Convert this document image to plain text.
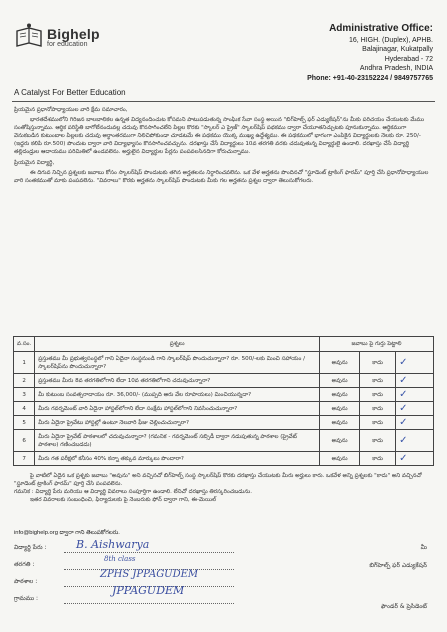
Bighelp
for education
Administrative Office:
16, HIGH. (Duplex), APHB.
Balajinagar, Kukatpally
Hyderabad - 72
Andhra Pradesh, INDIA
Phone: +91-40-23152224 / 9849757765
A Catalyst For Better Education

ప్రియమైన ప్రధానోపాధ్యాయుల వారి క్షేమ సమాచారం,

భారతదేశములోని గిరిజన బాలబాలికల ఉన్నత విద్యనందించుట కోసమని పాటుపడుతున్న సాంఘిక సేవా సంస్థ అయిన "బిగ్‌హెల్ప్ ఫర్ ఎడ్యుకేషన్"ను మీకు పరిచయం చేయుటకు మేము సంతోషిస్తున్నాము. ఆర్థిక పరిస్థితి బాగోలేనందువల్ల చదువు కొనసాగించలేని పిల్లల కొరకు "స్కాలర్ ఎ ప్రైజ్" స్కాలర్‌షిప్ పథకము ద్వారా చేయూతనిచ్చుటకు పూనుకున్నాము. ఆర్థికముగా వెనుకబడిన కుటుంబాల పిల్లలకు చదువు అర్థాంతరముగా నిలిచిపోకుండా చూడటమే ఈ పథకము యొక్క ముఖ్య ఉద్దేశ్యము. ఈ పథకములో భాగంగా ఎంపికైన విద్యార్థులకు నెలకు రూ. 250/- (ఇద్దరు కలిపి రూ.500) పొందుట ద్వారా వారి విద్యాభ్యాసం కొనసాగించవచ్చును. దరఖాస్తు చేసే విద్యార్థులు 10వ తరగతి వరకు చదువుతున్న విద్యార్థులై ఉండాలి. దరఖాస్తు చేసే విద్యార్థి తల్లిదండ్రుల ఆదాయము పరిమితిలో ఉండవలెను. అర్హులైన విద్యార్థుల పేర్లను పంపవలసినదిగా కోరుచున్నాము.

ప్రియమైన విద్యార్థి,

ఈ దిగువ నిచ్చిన ప్రశ్నలకు జవాబు కోసం స్కాలర్‌షిప్ పొందుటకు తగిన అర్హతలను నిర్ధారించవలెను. ఒక వేళ అర్హతను పొందినచో "స్టూడెంట్ ట్రాకింగ్ ఫారమ్" పూర్తి చేసి ప్రధానోపాధ్యాయుల వారి సంతకముతో మాకు పంపవలెను. "వివరాలు" కొరకు అర్హతను స్కాలర్‌షిప్ పొందుటకు మీకు గల అర్హతను ప్రశ్నల ద్వారా తెలుసుకోగలరు.

వ.సం.	ప్రశ్నలు	జవాబు పై గుర్తు పెట్టాలి		
1	ప్రస్తుతము మీ ప్రభుత్వసంస్థలో గాని ఏదైనా సంస్థనుండి గాని స్కాలర్‌షిప్ పొందుచున్నారా? రూ. 500/-లకు మించి సహాయం / స్కాలర్‌షిప్‌ను పొందుచున్నారా?	అవును	కాదు	✓
2	ప్రస్తుతము మీరు 8వ తరగతిలోగాని లేదా 10వ తరగతిలోగాని చదువుచున్నారా?	అవును	కాదు	✓
3	మీ కుటుంబ సంవత్సరాదాయం రూ. 36,000/- (ముప్పది ఆరు వేల రూపాయలు) మించియున్నదా?	అవును	కాదు	✓
4	మీరు గవర్నమెంట్ వారి ఏదైనా హాస్టల్‌లోగాని లేదా సంక్షేమ హాస్టల్‌లోగాని నివసించుచున్నారా?	అవును	కాదు	✓
5	మీరు ఏదైనా ప్రైవేటు హాస్టల్లో ఉంటూ నెలవారి ఫీజు చెల్లించుచున్నారా?	అవును	కాదు	✓
6	మీరు ఏదైనా ప్రైవేట్ పాఠశాలలో చదువుచున్నారా? (గమనిక - గవర్నమెంట్ సబ్సిడీ ద్వారా నడుపుతున్న పాఠశాల (ప్రైవేట్ పాఠశాల) గణించబడదు)	అవును	కాదు	✓
7	మీరు గత పరీక్షలో కనీసం 40% కన్నా తక్కువ మార్కులు పొందారా?	అవును	కాదు	✓

పై వాటిలో ఏదైన ఒక ప్రశ్నకు జవాబు "అవును" అని వచ్చినచో బిగ్‌హెల్ప్ సంస్థ స్కాలర్‌షిప్ కొరకు దరఖాస్తు చేయుటకు మీరు అర్హులు కారు. ఒకవేళ అన్ని ప్రశ్నలకు "కాదు" అని వచ్చినచో "స్టూడెంట్ ట్రాకింగ్ ఫారమ్" పూర్తి చేసి పంపవలెను.

గమనిక : విద్యార్థి పేరు మరియు ఆ విద్యార్థి వివరాలు సంపూర్తిగా ఉండాలి. లేనిచో దరఖాస్తు తిరస్కరించబడును.

ఇతర వివరాలకు సంబంధించి, ఫిర్యాదులకు పై నెంబరుకు ఫోన్ ద్వారా గాని, ఈ-మెయిల్

info@bighelp.org ద్వారా గాని తెలుపకోగలరు.
విద్యార్థి పేరు :	B. Aishwarya
తరగతి :
8th class
పాఠశాల :
ZPHS JPPAGUDEM
గ్రామము :
JPPAGUDEM
మీ
బిగ్‌హెల్ప్ ఫర్ ఎడ్యుకేషన్
ఫౌండర్ & ప్రెసిడెంట్
